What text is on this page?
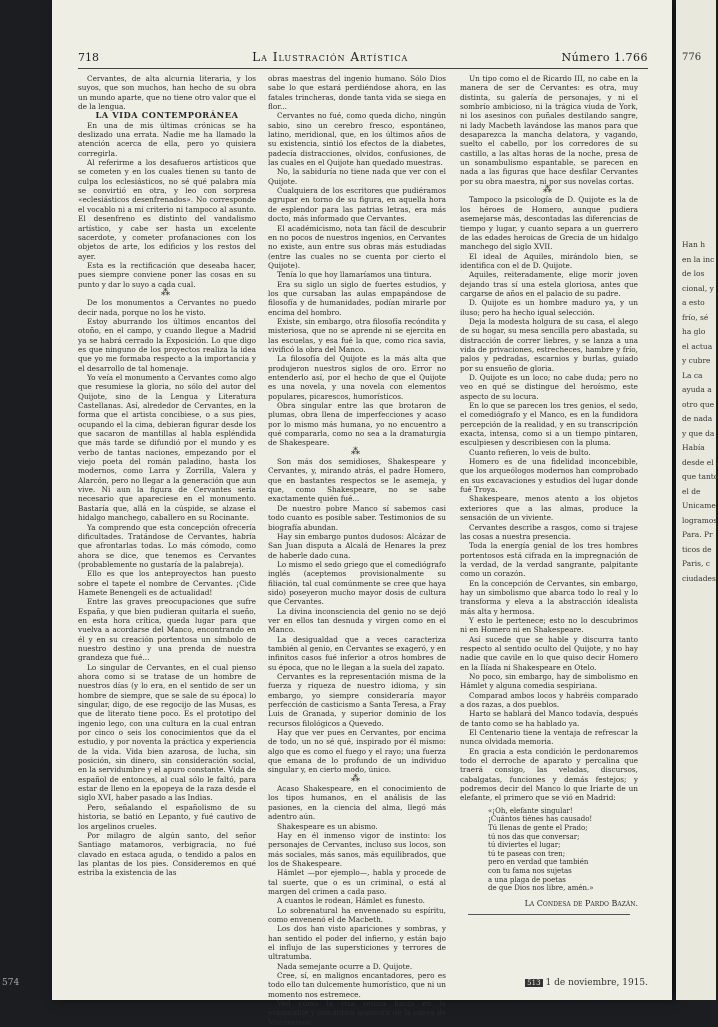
718	La Ilustración Artística	Número 1.766

Cervantes, de alta alcurnia literaria, y los suyos, que son muchos, han hecho de su obra un mundo aparte, que no tiene otro valor que el de la lengua.

LA VIDA CONTEMPORÁNEA

En una de mis últimas crónicas se ha deslizado una errata. Nadie me ha llamado la atención acerca de ella, pero yo quisiera corregirla.

Al referirme a los desafueros artísticos que se cometen y en los cuales tienen su tanto de culpa los eclesiásticos, no sé qué palabra mía se convirtió en otra, y leo con sorpresa «eclesiásticos desenfrenados». No corresponde el vocablo ni a mi criterio ni tampoco al asunto. El desenfreno es distinto del vandalismo artístico, y cabe ser hasta un excelente sacerdote, y cometer profanaciones con los objetos de arte, los edificios y los restos del ayer.

Esta es la rectificación que deseaba hacer, pues siempre conviene poner las cosas en su punto y dar lo suyo a cada cual.

⁂

De los monumentos a Cervantes no puedo decir nada, porque no los he visto.

Estoy aburrando los últimos encantos del otoño, en el campo, y cuando llegue a Madrid ya se habrá cerrado la Exposición. Lo que digo es que ninguno de los proyectos realiza la idea que yo me formaba respecto a la importancia y el desarrollo de tal homenaje.

Yo veía el monumento a Cervantes como algo que resumiese la gloria, no sólo del autor del Quijote, sino de la Lengua y Literatura Castellanas. Así, alrededor de Cervantes, en la forma que el artista concibiese, o a sus pies, ocupando el la cima, debieran figurar desde los que sacaron de mantillas al habla espléndida que más tarde se difundió por el mundo y es verbo de tantas naciones, empezando por el viejo poeta del román paladino, hasta los modernos, como Larra y Zorrilla, Valera y Alarcón, pero no llegar a la generación que aun vive. Ni aun la figura de Cervantes sería necesario que apareciese en el monumento. Bastaría que, allá en la cúspide, se alzase el hidalgo manchego, caballero en su Rocinante.

Ya comprendo que esta concepción ofrecería dificultades. Tratándose de Cervantes, habría que afrontarlas todas. Lo más cómodo, como ahora se dice, que tenemos es Cervantes (probablemente no gustaría de la palabreja).

Ello es que los anteproyectos han puesto sobre el tapete el nombre de Cervantes. ¡Cide Hamete Benengeli es de actualidad!

Entre las graves preocupaciones que sufre España, y que bien pudieran quitarla el sueño, en esta hora crítica, queda lugar para que vuelva a acordarse del Manco, encontrando en él y en su creación portentosa un símbolo de nuestro destino y una prenda de nuestra grandeza que fué...

Lo singular de Cervantes, en el cual pienso ahora como si se tratase de un hombre de nuestros días (y lo era, en el sentido de ser un hombre de siempre, que se sale de su época) lo singular, digo, de ese regocijo de las Musas, es que de literato tiene poco. Es el prototipo del ingenio lego, con una cultura en la cual entran por cinco o seis los conocimientos que da el estudio, y por noventa la práctica y experiencia de la vida. Vida bien azarosa, de lucha, sin posición, sin dinero, sin consideración social, en la servidumbre y el apuro constante. Vida de español de entonces, al cual sólo le faltó, para estar de lleno en la epopeya de la raza desde el siglo XVI, haber pasado a las Indias.

Pero, señalando el españolismo de su historia, se batió en Lepanto, y fué cautivo de los argelinos crueles.

Por milagro de algún santo, del señor Santiago matamoros, verbigracia, no fué clavado en estaca aguda, o tendido a palos en las plantas de los pies. Consideremos en qué estriba la existencia de las

obras maestras del ingenio humano. Sólo Dios sabe lo que estará perdiéndose ahora, en las fatales trincheras, donde tanta vida se siega en flor...

Cervantes no fué, como queda dicho, ningún sabio, sino un cerebro fresco, espontáneo, latino, meridional, que, en los últimos años de su existencia, sintió los efectos de la diabetes, padecía distracciones, olvidos, confusiones, de las cuales en el Quijote han quedado muestras.

No, la sabiduría no tiene nada que ver con el Quijote.

Cualquiera de los escritores que pudiéramos agrupar en torno de su figura, en aquella hora de esplendor para las patrias letras, era más docto, más informado que Cervantes.

El académicismo, nota tan fácil de descubrir en no pocos de nuestros ingenios, en Cervantes no existe, aun entre sus obras más estudiadas (entre las cuales no se cuenta por cierto el Quijote).

Tenía lo que hoy llamaríamos una tintura.

Era su siglo un siglo de fuertes estudios, y los que cursaban las aulas empapándose de filosofía y de humanidades, podían mirarle por encima del hombro.

Existe, sin embargo, otra filosofía recóndita y misteriosa, que no se aprende ni se ejercita en las escuelas, y esa fué la que, como rica savia, vivificó la obra del Manco.

La filosofía del Quijote es la más alta que produjeron nuestros siglos de oro. Error no entenderlo así, por el hecho de que el Quijote es una novela, y una novela con elementos populares, picarescos, humorísticos.

Obra singular entre las que brotaron de plumas, obra llena de imperfecciones y acaso por lo mismo más humana, yo no encuentro a qué compararla, como no sea a la dramaturgia de Shakespeare.

⁂

Son más dos semidioses, Shakespeare y Cervantes, y, mirando atrás, el padre Homero, que en bastantes respectos se le asemeja, y que, como Shakespeare, no se sabe exactamente quién fué...

De nuestro pobre Manco sí sabemos casi todo cuanto es posible saber. Testimonios de su biografía abundan.

Hay sin embargo puntos dudosos: Alcázar de San Juan disputa a Alcalá de Henares la prez de haberle dado cuna.

Lo mismo el sedo griego que el comediógrafo inglés (aceptemos provisionalmente su filiación, tal cual comúnmente se cree que haya sido) poseyeron mucho mayor dosis de cultura que Cervantes.

La divina inconsciencia del genio no se dejó ver en ellos tan desnuda y virgen como en el Manco.

La desigualdad que a veces caracteriza también al genio, en Cervantes se exageró, y en infinitos casos fué inferior a otros hombres de su época, que no le llegan a la suela del zapato.

Cervantes es la representación misma de la fuerza y riqueza de nuestro idioma, y sin embargo, yo siempre consideraría mayor perfección de casticismo a Santa Teresa, a Fray Luis de Granada, y superior dominio de los recursos filológicos a Quevedo.

Hay que ver pues en Cervantes, por encima de todo, un no sé qué, inspirado por él mismo: algo que es como el fuego y el rayo; una fuerza que emana de lo profundo de un individuo singular y, en cierto modo, único.

⁂

Acaso Shakespeare, en el conocimiento de los tipos humanos, en el análisis de las pasiones, en la ciencia del alma, llegó más adentro aún.

Shakespeare es un abismo.

Hay en él inmenso vigor de instinto: los personajes de Cervantes, incluso sus locos, son más sociales, más sanos, más equilibrados, que los de Shakespeare.

Hámlet —por ejemplo—, habla y procede de tal suerte, que o es un criminal, o está al margen del crimen a cada paso.

A cuantos le rodean, Hámlet es funesto.

Lo sobrenatural ha envenenado su espíritu, como envenenó el de Macbeth.

Los dos han visto apariciones y sombras, y han sentido el poder del infierno, y están bajo el influjo de las supersticiones y terrores de ultratumba.

Nada semejante ocurre a D. Quijote.

Cree, sí, en malignos encantadores, pero es todo ello tan dulcemente humorístico, que ni un momento nos estremece.

Ved cómo la risa retoza hasta en la espantable y romántica aventura de la cueva de Montesinos.

Un tipo como el de Ricardo III, no cabe en la manera de ser de Cervantes: es otra, muy distinta, su galería de personajes, y ni el sombrío ambicioso, ni la trágica viuda de York, ni los asesinos con puñales destilando sangre, ni lady Macbeth lavándose las manos para que desaparezca la mancha delatora, y vagando, suelto el cabello, por los corredores de su castillo, a las altas horas de la noche, presa de un sonambulismo espantable, se parecen en nada a las figuras que hace desfilar Cervantes por su obra maestra, ni por sus novelas cortas.

⁂

Tampoco la psicología de D. Quijote es la de los héroes de Homero, aunque pudiera asemejarse más, descontadas las diferencias de tiempo y lugar, y cuanto separa a un guerrero de las edades heroicas de Grecia de un hidalgo manchego del siglo XVII.

El ideal de Aquiles, mirándolo bien, se identifica con el de D. Quijote.

Aquiles, reiteradamente, elige morir joven dejando tras sí una estela gloriosa, antes que cargarse de años en el palacio de su padre.

D. Quijote es un hombre maduro ya, y un iluso; pero ha hecho igual selección.

Deja la modesta holgura de su casa, el alego de su hogar, su mesa sencilla pero abastada, su distracción de correr liebres, y se lanza a una vida de privaciones, estrecheces, hambre y frío, palos y pedradas, escarnios y burlas, guiado por su ensueño de gloria.

D. Quijote es un loco; no cabe duda; pero no veo en qué se distingue del heroísmo, este aspecto de su locura.

En lo que se parecen los tres genios, el sedo, el comediógrafo y el Manco, es en la fundidora percepción de la realidad, y en su transcripción exacta, intensa, como si a un tiempo pintaren, esculpiesen y describiesen con la pluma.

Cuanto refieren, lo veis de bulto.

Homero es de una fidelidad inconcebible, que los arqueólogos modernos han comprobado en sus excavaciones y estudios del lugar donde fué Troya.

Shakespeare, menos atento a los objetos exteriores que a las almas, produce la sensación de un viviente.

Cervantes describe a rasgos, como si trajese las cosas a nuestra presencia.

Toda la energía genial de los tres hombres portentosos está cifrada en la impregnación de la verdad, de la verdad sangrante, palpitante como un corazón.

En la concepción de Cervantes, sin embargo, hay un simbolismo que abarca todo lo real y lo transforma y eleva a la abstracción idealista más alta y hermosa.

Y esto le pertenece; esto no lo descubrimos ni en Homero ni en Shakespeare.

Así sucede que se hable y discurra tanto respecto al sentido oculto del Quijote, y no hay nadie que cavile en lo que quiso decir Homero en la Ilíada ni Shakespeare en Otelo.

No poco, sin embargo, hay de simbolismo en Hámlet y alguna comedia sespiriana.

Comparad ambos locos y habréis comparado a dos razas, a dos pueblos.

Harto se hablará del Manco todavía, después de tanto como se ha hablado ya.

El Centenario tiene la ventaja de refrescar la nunca olvidada memoria.

En gracia a esta condición le perdonaremos todo el derroche de aparato y percalina que traerá consigo, las veladas, discursos, cabalgatas, funciones y demás festejos; y podremos decir del Manco lo que Iriarte de un elefante, el primero que se vió en Madrid:

«¡Oh, elefante singular!
¡Cuántos tiénes has causado!
Tú llenas de gente el Prado;
tú nos das que conversar;
tú diviertes el lugar;
tú te paseas con tren;
pero en verdad que también
con tu fama nos sujetas
a una plaga de poetas
de que Dios nos libre, amén.»

La Condesa de Pardo Bazán.

574	513 1 de noviembre, 1915.
776
Han h
en la inc
de los
cional, y
a esto
frío, sé
ha glo
el actua
y cubre
La ca
ayuda a
otro que
de nada
y que da
Había
desde el
que tanto
el de
Unicame
logramos
Para. Pr
ticos de
Paris, c
ciudades
